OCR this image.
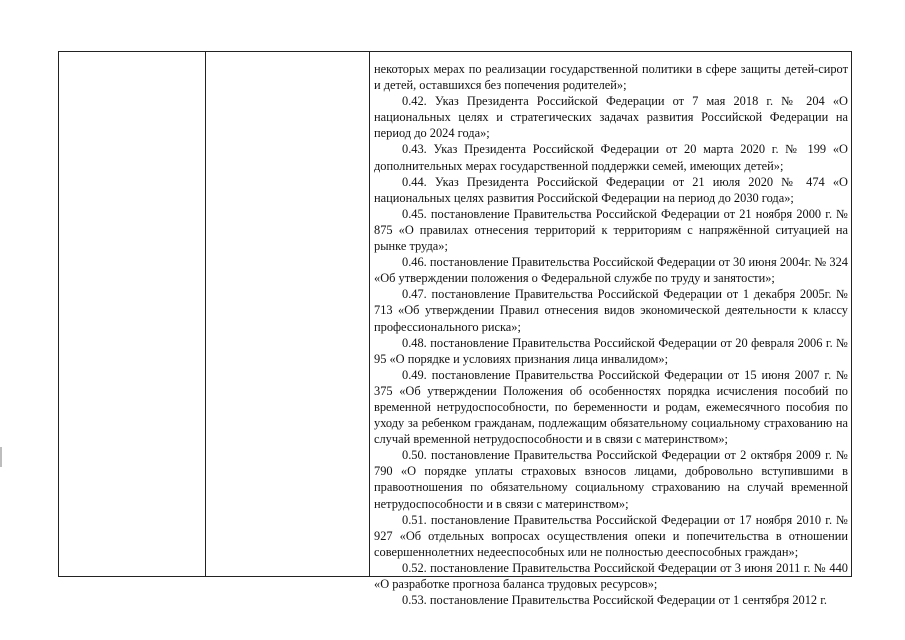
некоторых мерах по реализации государственной политики в сфере защиты детей-сирот и детей, оставшихся без попечения родителей»;

0.42. Указ Президента Российской Федерации от 7 мая 2018 г. № 204 «О национальных целях и стратегических задачах развития Российской Федерации на период до 2024 года»;

0.43. Указ Президента Российской Федерации от 20 марта 2020 г. № 199 «О дополнительных мерах государственной поддержки семей, имеющих детей»;

0.44. Указ Президента Российской Федерации от 21 июля 2020 № 474 «О национальных целях развития Российской Федерации на период до 2030 года»;

0.45. постановление Правительства Российской Федерации от 21 ноября 2000 г. № 875 «О правилах отнесения территорий к территориям с напряжённой ситуацией на рынке труда»;

0.46. постановление Правительства Российской Федерации от 30 июня 2004г. № 324 «Об утверждении положения о Федеральной службе по труду и занятости»;

0.47. постановление Правительства Российской Федерации от 1 декабря 2005г. № 713 «Об утверждении Правил отнесения видов экономической деятельности к классу профессионального риска»;

0.48. постановление Правительства Российской Федерации от 20 февраля 2006 г. № 95 «О порядке и условиях признания лица инвалидом»;

0.49. постановление Правительства Российской Федерации от 15 июня 2007 г. № 375 «Об утверждении Положения об особенностях порядка исчисления пособий по временной нетрудоспособности, по беременности и родам, ежемесячного пособия по уходу за ребенком гражданам, подлежащим обязательному социальному страхованию на случай временной нетрудоспособности и в связи с материнством»;

0.50. постановление Правительства Российской Федерации от 2 октября 2009 г. № 790 «О порядке уплаты страховых взносов лицами, добровольно вступившими в правоотношения по обязательному социальному страхованию на случай временной нетрудоспособности и в связи с материнством»;

0.51. постановление Правительства Российской Федерации от 17 ноября 2010 г. № 927 «Об отдельных вопросах осуществления опеки и попечительства в отношении совершеннолетних недееспособных или не полностью дееспособных граждан»;

0.52. постановление Правительства Российской Федерации от 3 июня 2011 г. № 440 «О разработке прогноза баланса трудовых ресурсов»;

0.53. постановление Правительства Российской Федерации от 1 сентября 2012 г.
